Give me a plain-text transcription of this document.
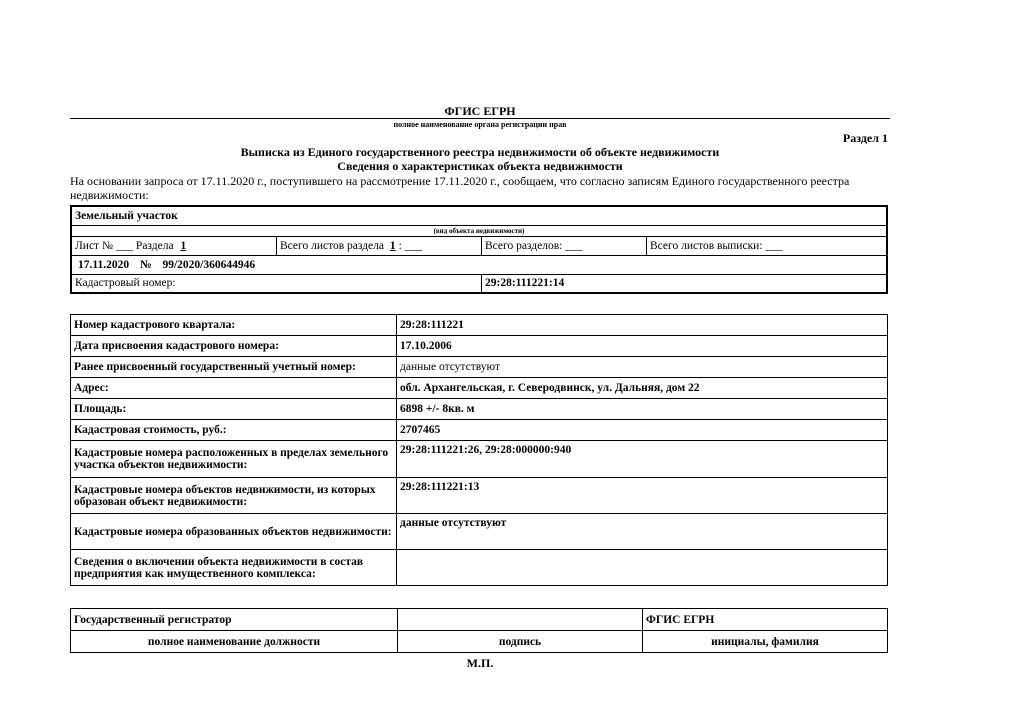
ФГИС ЕГРН
полное наименование органа регистрации прав
Раздел 1
Выписка из Единого государственного реестра недвижимости об объекте недвижимости
Сведения о характеристиках объекта недвижимости
На основании запроса от 17.11.2020 г., поступившего на рассмотрение 17.11.2020 г., сообщаем, что согласно записям Единого государственного реестра недвижимости:
Земельный участок			
(вид объекта недвижимости)			
Лист № ___ Раздела 1	Всего листов раздела 1 : ___	Всего разделов: ___	Всего листов выписки: ___
17.11.2020 № 99/2020/360644946			
Кадастровый номер:		29:28:111221:14	
Номер кадастрового квартала:	29:28:111221
Дата присвоения кадастрового номера:	17.10.2006
Ранее присвоенный государственный учетный номер:	данные отсутствуют
Адрес:	обл. Архангельская, г. Северодвинск, ул. Дальняя, дом 22
Площадь:	6898 +/- 8кв. м
Кадастровая стоимость, руб.:	2707465
Кадастровые номера расположенных в пределах земельного участка объектов недвижимости:	29:28:111221:26, 29:28:000000:940
Кадастровые номера объектов недвижимости, из которых образован объект недвижимости:	29:28:111221:13
Кадастровые номера образованных объектов недвижимости:	данные отсутствуют
Сведения о включении объекта недвижимости в состав предприятия как имущественного комплекса:	
Государственный регистратор		ФГИС ЕГРН
полное наименование должности	подпись	инициалы, фамилия
М.П.
